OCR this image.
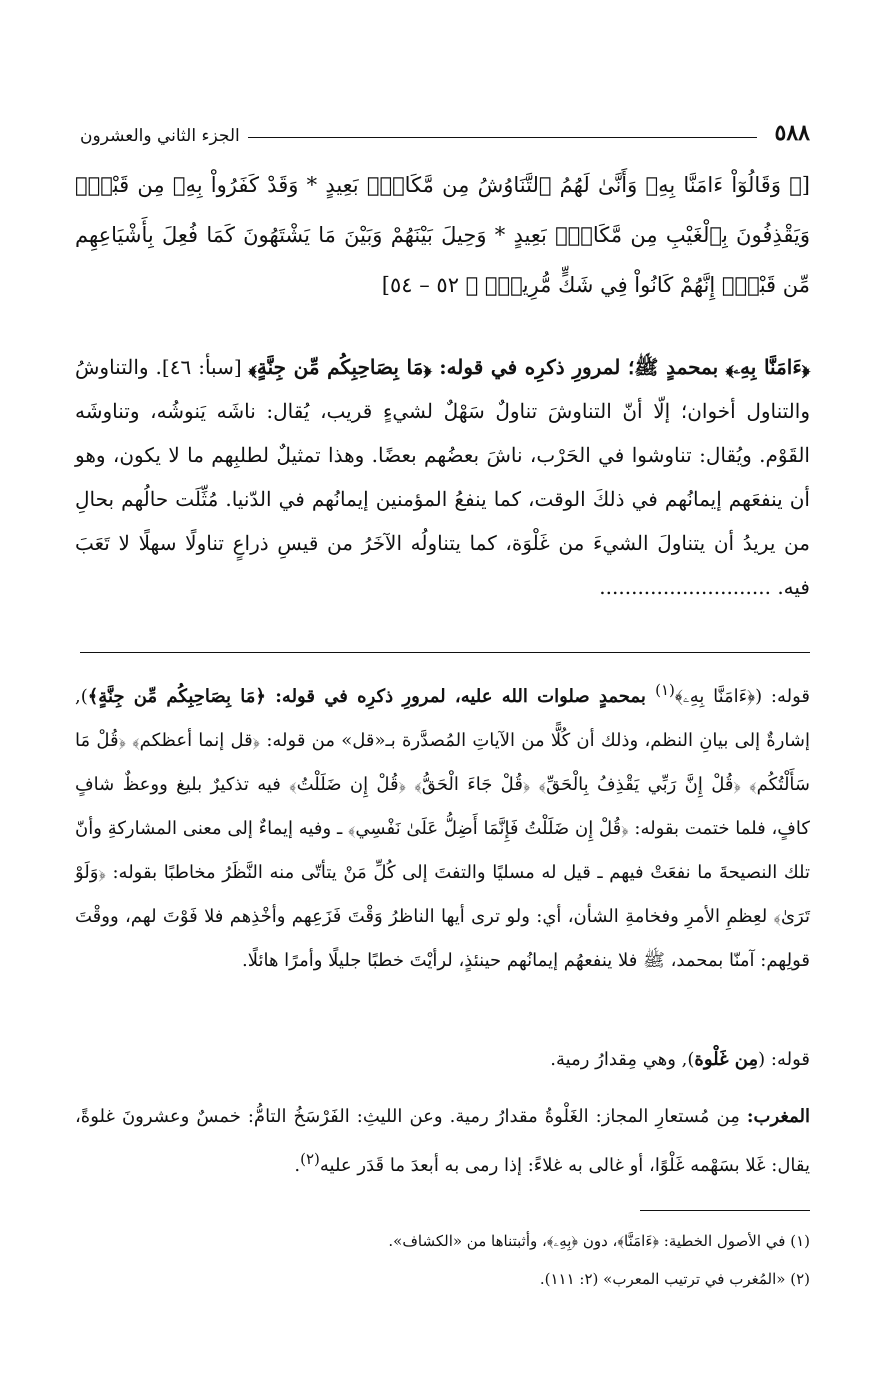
٥٨٨
الجزء الثاني والعشرون
[﴿ وَقَالُوٓاْ ءَامَنَّا بِهِۦ وَأَنَّىٰ لَهُمُ ٱلتَّنَاوُشُ مِن مَّكَانٍۭ بَعِيدٍ * وَقَدْ كَفَرُواْ بِهِۦ مِن قَبْلُۖ وَيَقْذِفُونَ بِٱلْغَيْبِ مِن مَّكَانٍۭ بَعِيدٍ * وَحِيلَ بَيْنَهُمْ وَبَيْنَ مَا يَشْتَهُونَ كَمَا فُعِلَ بِأَشْيَاعِهِم مِّن قَبْلُۚ إِنَّهُمْ كَانُواْ فِي شَكٍّ مُّرِيبٍۭ ﴾ ٥٢ – ٥٤]
﴿ءَامَنَّا بِهِۦ﴾ بمحمدٍ ﷺ؛ لمرورِ ذكرِه في قوله: ﴿مَا بِصَاحِبِكُم مِّن جِنَّةٍ﴾ [سبأ: ٤٦]. والتناوشُ والتناول أخوان؛ إلّا أنّ التناوشَ تناولٌ سَهْلٌ لشيءٍ قريب، يُقال: ناشَه يَنوشُه، وتناوشَه القَوْم. ويُقال: تناوشوا في الحَرْب، ناشَ بعضُهم بعضًا. وهذا تمثيلٌ لطلبِهم ما لا يكون، وهو أن ينفعَهم إيمانُهم في ذلكَ الوقت، كما ينفعُ المؤمنين إيمانُهم في الدّنيا. مُثِّلَت حالُهم بحالِ من يريدُ أن يتناولَ الشيءَ من غَلْوَة، كما يتناولُه الآخَرُ من قيسِ ذراعٍ تناولًا سهلًا لا تَعَبَ فيه. ...........................
قوله: (﴿ءَامَنَّا بِهِۦ﴾$^{(١)}$ بمحمدٍ صلوات الله عليه، لمرورِ ذكرِه في قوله: ﴿مَا بِصَاحِبِكُم مِّن جِنَّةٍ﴾), إشارةٌ إلى بيانِ النظم، وذلك أن كُلًّا من الآياتِ المُصدَّرة بـ«قل» من قوله: ﴿قل إنما أعظكم﴾ ﴿قُلْ مَا سَأَلْتُكُم﴾ ﴿قُلْ إِنَّ رَبِّي يَقْذِفُ بِالْحَقِّ﴾ ﴿قُلْ جَاءَ الْحَقُّ﴾ ﴿قُلْ إِن ضَلَلْتُ﴾ فيه تذكيرٌ بليغ ووعظٌ شافٍ كافٍ، فلما ختمت بقوله: ﴿قُلْ إِن ضَلَلْتُ فَإِنَّمَا أَضِلُّ عَلَىٰ نَفْسِي﴾ ـ وفيه إيماءٌ إلى معنى المشاركةِ وأنّ تلك النصيحةَ ما نفعَتْ فيهم ـ قيل له مسليًا والتفتَ إلى كُلِّ مَنْ يتأتّى منه النَّظَرُ مخاطبًا بقوله: ﴿وَلَوْ تَرَىٰ﴾ لعِظمِ الأمرِ وفخامةِ الشأن، أي: ولو ترى أيها الناظرُ وَقْتَ فَزَعِهم وأخْذِهم فلا فَوْتَ لهم، ووقْتَ قولِهم: آمنّا بمحمد، ﷺ فلا ينفعهُم إيمانُهم حينئذٍ، لرأيْتَ خطبًا جليلًا وأمرًا هائلًا.
قوله: (مِن غَلْوة), وهي مِقدارُ رمية.
المغرب: مِن مُستعارِ المجاز: الغَلْوةُ مقدارُ رمية. وعن الليثِ: الفَرْسَخُ التامُّ: خمسٌ وعشرونَ غلوةً، يقال: غَلا بسَهْمه غَلْوًا، أو غالى به غلاءً: إذا رمى به أبعدَ ما قَدَر عليه$^{(٢)}$.
(١) في الأصول الخطية: ﴿ءَامَنَّا﴾، دون ﴿بِهِۦ﴾، وأثبتناها من «الكشاف».
(٢) «المُغرب في ترتيب المعرب» (٢: ١١١).
